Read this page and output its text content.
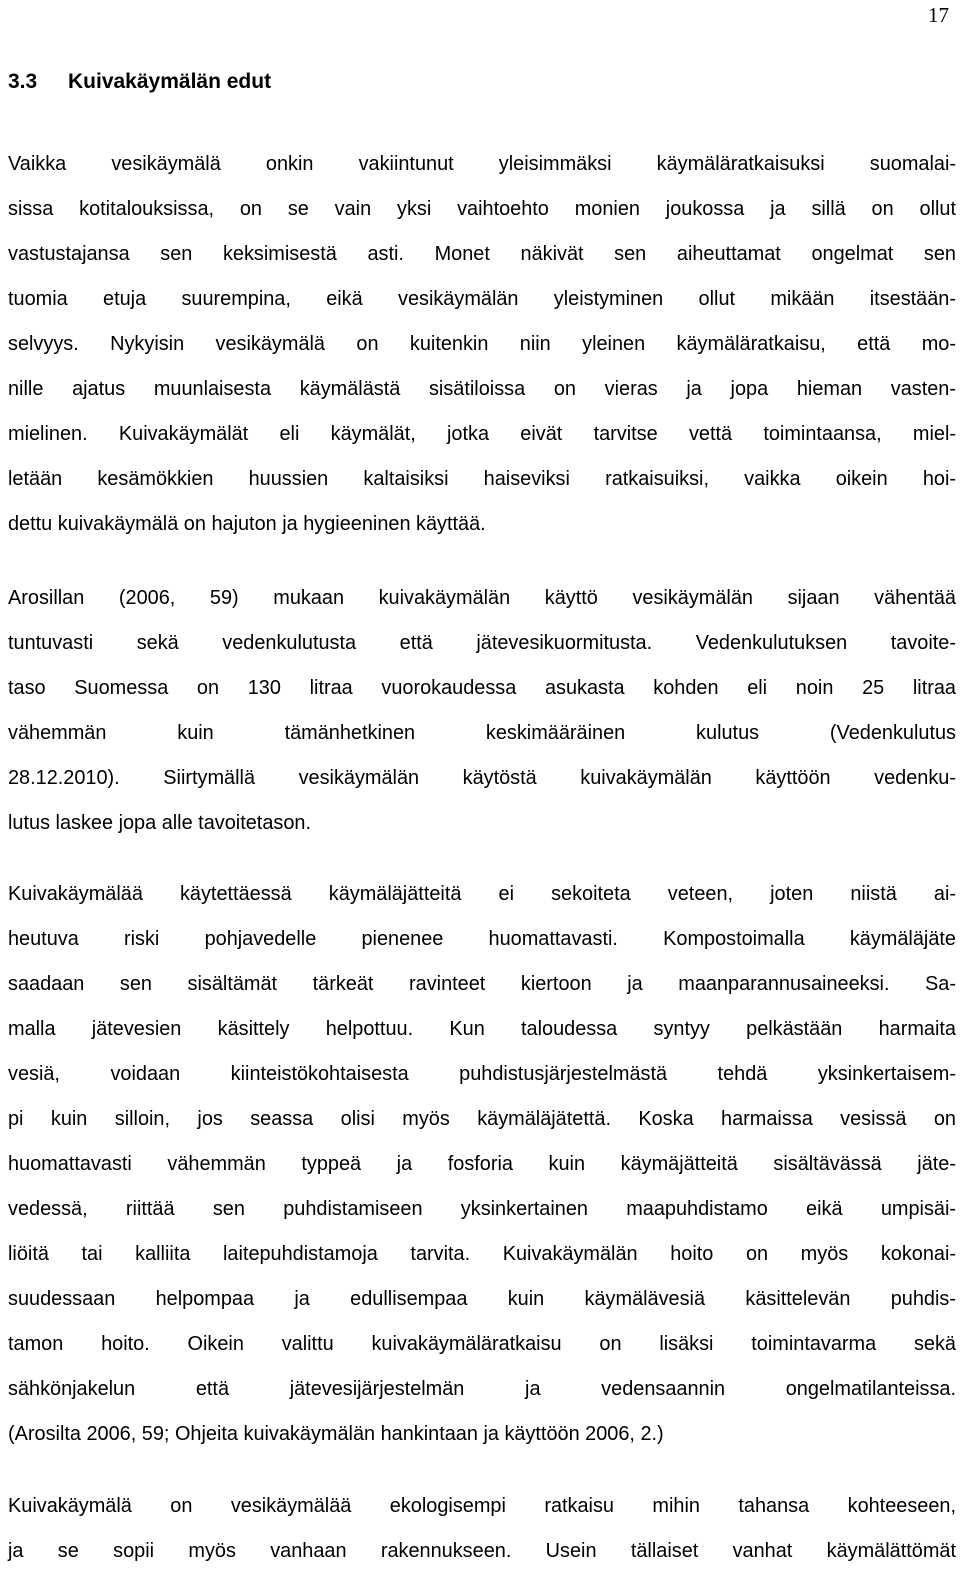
17
3.3 Kuivakäymälän edut
Vaikka vesikäymälä onkin vakiintunut yleisimmäksi käymäläratkaisuksi suomalai-
sissa kotitalouksissa, on se vain yksi vaihtoehto monien joukossa ja sillä on ollut
vastustajansa sen keksimisestä asti. Monet näkivät sen aiheuttamat ongelmat sen
tuomia etuja suurempina, eikä vesikäymälän yleistyminen ollut mikään itsestään-
selvyys. Nykyisin vesikäymälä on kuitenkin niin yleinen käymäläratkaisu, että mo-
nille ajatus muunlaisesta käymälästä sisätiloissa on vieras ja jopa hieman vasten-
mielinen. Kuivakäymälät eli käymälät, jotka eivät tarvitse vettä toimintaansa, miel-
letään kesämökkien huussien kaltaisiksi haiseviksi ratkaisuiksi, vaikka oikein hoi-
dettu kuivakäymälä on hajuton ja hygieeninen käyttää.
Arosillan (2006, 59) mukaan kuivakäymälän käyttö vesikäymälän sijaan vähentää
tuntuvasti sekä vedenkulutusta että jätevesikuormitusta. Vedenkulutuksen tavoite-
taso Suomessa on 130 litraa vuorokaudessa asukasta kohden eli noin 25 litraa
vähemmän kuin tämänhetkinen keskimääräinen kulutus (Vedenkulutus
28.12.2010). Siirtymällä vesikäymälän käytöstä kuivakäymälän käyttöön vedenku-
lutus laskee jopa alle tavoitetason.
Kuivakäymälää käytettäessä käymäläjätteitä ei sekoiteta veteen, joten niistä ai-
heutuva riski pohjavedelle pienenee huomattavasti. Kompostoimalla käymäläjäte
saadaan sen sisältämät tärkeät ravinteet kiertoon ja maanparannusaineeksi. Sa-
malla jätevesien käsittely helpottuu. Kun taloudessa syntyy pelkästään harmaita
vesiä, voidaan kiinteistökohtaisesta puhdistusjärjestelmästä tehdä yksinkertaisem-
pi kuin silloin, jos seassa olisi myös käymäläjätettä. Koska harmaissa vesissä on
huomattavasti vähemmän typpeä ja fosforia kuin käymäjätteitä sisältävässä jäte-
vedessä, riittää sen puhdistamiseen yksinkertainen maapuhdistamo eikä umpisäi-
liöitä tai kalliita laitepuhdistamoja tarvita. Kuivakäymälän hoito on myös kokonai-
suudessaan helpompaa ja edullisempaa kuin käymälävesiä käsittelevän puhdis-
tamon hoito. Oikein valittu kuivakäymäläratkaisu on lisäksi toimintavarma sekä
sähkönjakelun että jätevesijärjestelmän ja vedensaannin ongelmatilanteissa.
(Arosilta 2006, 59; Ohjeita kuivakäymälän hankintaan ja käyttöön 2006, 2.)
Kuivakäymälä on vesikäymälää ekologisempi ratkaisu mihin tahansa kohteeseen,
ja se sopii myös vanhaan rakennukseen. Usein tällaiset vanhat käymälättömät
